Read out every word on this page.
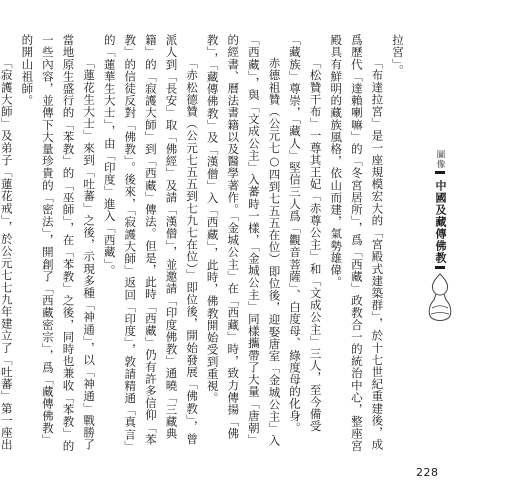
拉宮」。

「布達拉宮」是一座規模宏大的「宮殿式建築群」，於十七世紀重建後，成爲歷代「達賴喇嘛」的「冬宮居所」，爲「西藏」政教合一的統治中心，整座宮殿具有鮮明的藏族風格，依山而建，氣勢雄偉。

「松贊干布」一尊其王妃「赤尊公主」和「文成公主」三人，至今備受「藏族」尊崇，「藏人」堅信三人爲「觀音菩薩」、白度母、綠度母的化身。

赤德祖贊（公元七○四到七五五在位）即位後，迎娶唐室「金城公主」入「西藏」，與「文成公主」入蕃時一樣，「金城公主」同樣攜帶了大量「唐朝」的經書、曆法書籍以及醫學著作。「金城公主」在「西藏」時，致力傳揚「佛教」，「藏傳佛教」及「漢僧」入「西藏」，此時，佛教開始受到重視。

「赤松德贊（公元七五五到七九七在位）」即位後，開始發展「佛教」，曾派人到「長安」取「佛經」及請「漢僧」，並邀請「印度佛教」通曉「三藏典籍」的「寂護大師」到「西藏」傳法。但是，此時「西藏」仍有許多信仰「苯教」的信徒反對「佛教」。後來，「寂護大師」返回「印度」，敦請精通「真言」的「蓮華生大士」，由「印度」進入「西藏」。

「蓮花生大士」來到「吐蕃」之後，示現多種「神通」，以「神通」戰勝了當地原生盛行的「苯教」的「巫師」，在「苯教」之後，同時也兼收「苯教」的一些內容，並傳下大量珍貴的「密法」，開創了「西藏密宗」，爲「藏傳佛教」的開山祖師。

「寂護大師」及弟子「蓮花戒」，於公元七七九年建立了「吐蕃」第一座出

圖像
中國及藏傳佛教
228
